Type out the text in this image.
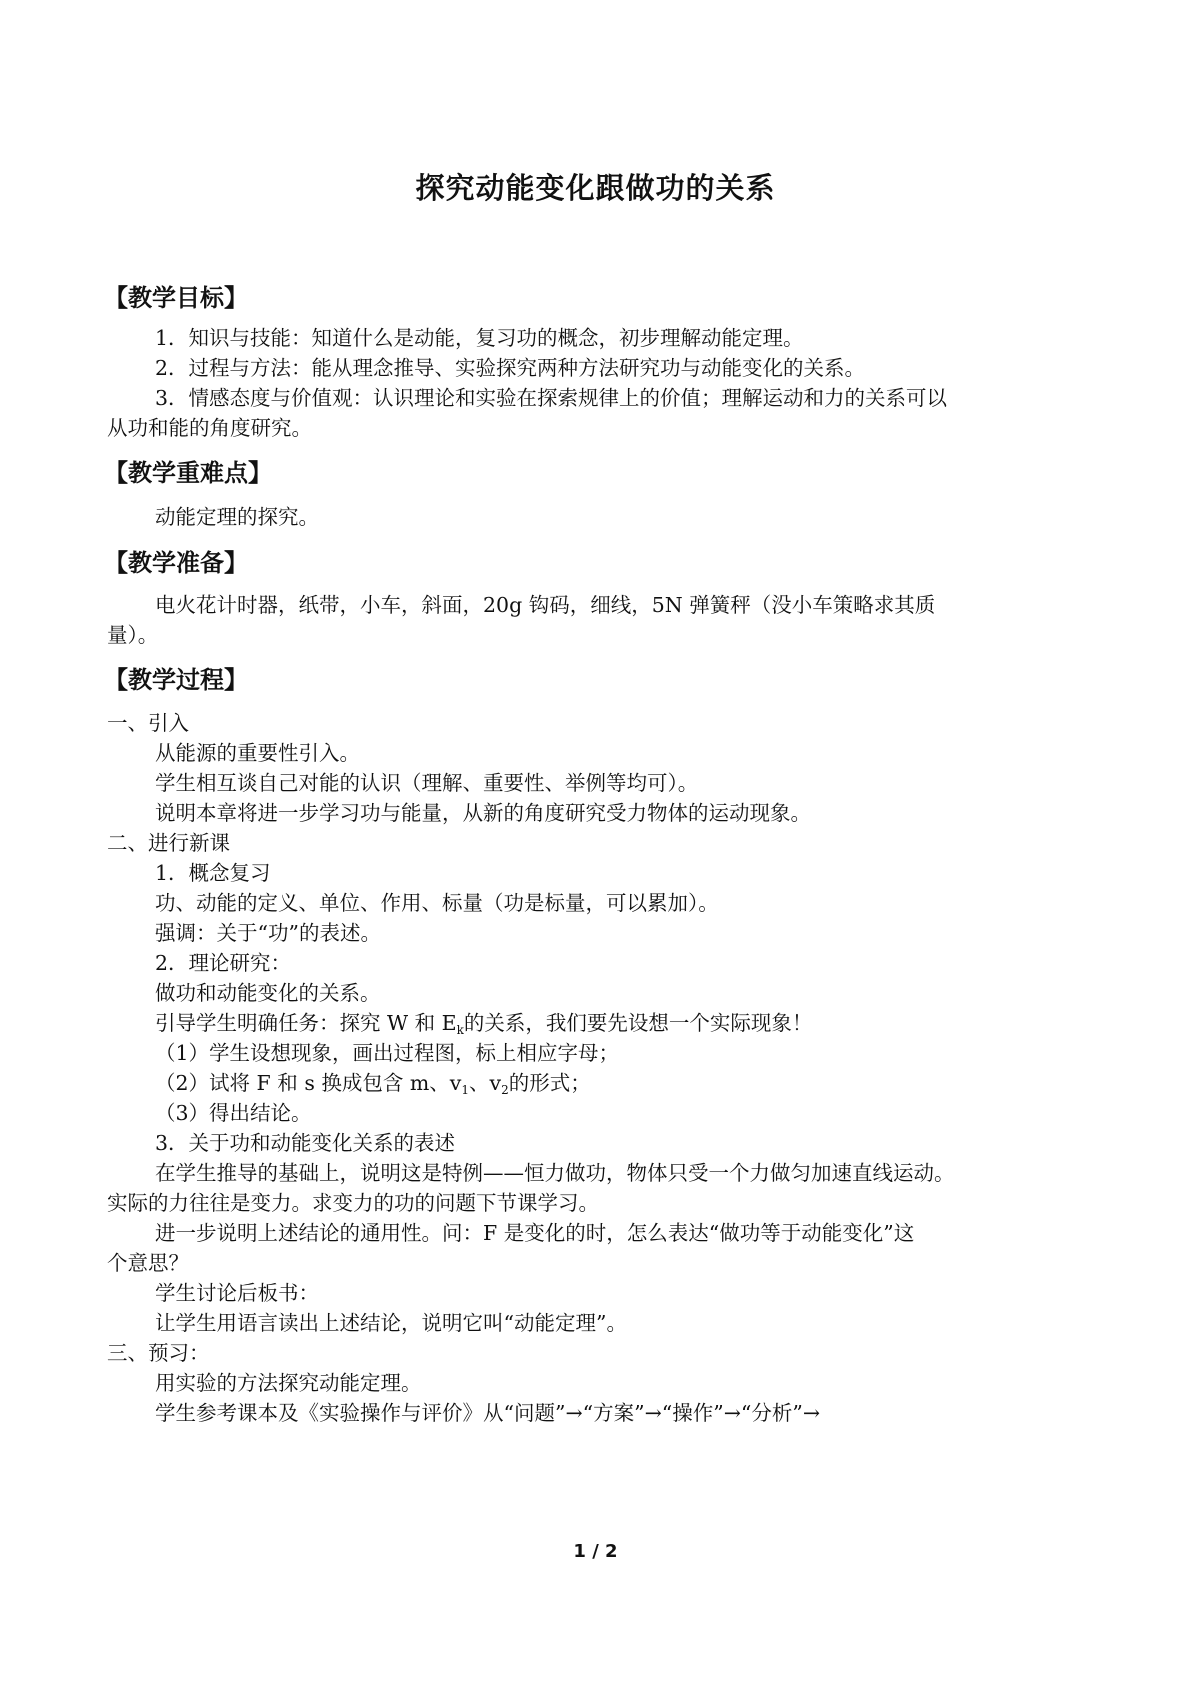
探究动能变化跟做功的关系
【教学目标】
1．知识与技能：知道什么是动能，复习功的概念，初步理解动能定理。
2．过程与方法：能从理念推导、实验探究两种方法研究功与动能变化的关系。
3．情感态度与价值观：认识理论和实验在探索规律上的价值；理解运动和力的关系可以
从功和能的角度研究。
【教学重难点】
动能定理的探究。
【教学准备】
电火花计时器，纸带，小车，斜面，20g 钩码，细线，5N 弹簧秤（没小车策略求其质
量）。
【教学过程】
一、引入
从能源的重要性引入。
学生相互谈自己对能的认识（理解、重要性、举例等均可）。
说明本章将进一步学习功与能量，从新的角度研究受力物体的运动现象。
二、进行新课
1．概念复习
功、动能的定义、单位、作用、标量（功是标量，可以累加）。
强调：关于“功”的表述。
2．理论研究：
做功和动能变化的关系。
引导学生明确任务：探究 W 和 $E_k$的关系，我们要先设想一个实际现象！
（1）学生设想现象，画出过程图，标上相应字母；
（2）试将 F 和 s 换成包含 m、$v_1$、$v_2$的形式；
（3）得出结论。
3．关于功和动能变化关系的表述
在学生推导的基础上，说明这是特例——恒力做功，物体只受一个力做匀加速直线运动。
实际的力往往是变力。求变力的功的问题下节课学习。
进一步说明上述结论的通用性。问：F 是变化的时，怎么表达“做功等于动能变化”这
个意思？
学生讨论后板书：
让学生用语言读出上述结论，说明它叫“动能定理”。
三、预习：
用实验的方法探究动能定理。
学生参考课本及《实验操作与评价》从“问题”→“方案”→“操作”→“分析”→
1 / 2
